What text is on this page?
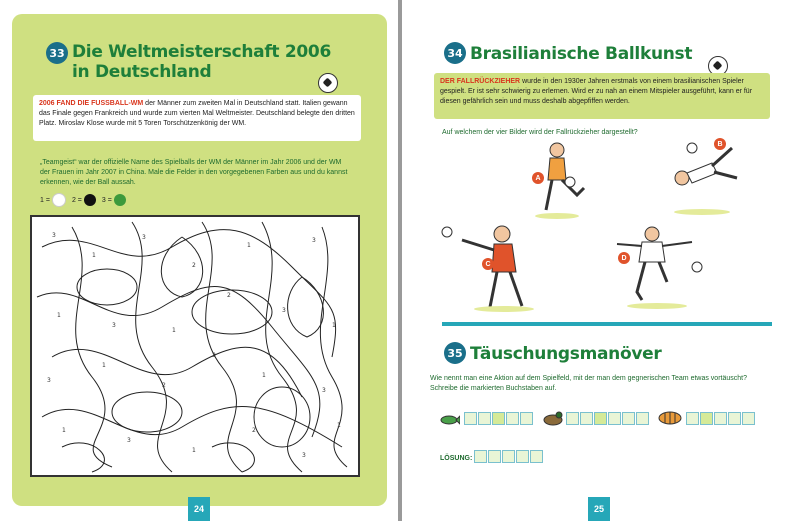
33 Die Weltmeisterschaft 2006
in Deutschland
2006 FAND DIE FUSSBALL-WM der Männer zum zweiten Mal in Deutschland statt. Italien gewann das Finale gegen Frankreich und wurde zum vierten Mal Weltmeister. Deutschland belegte den dritten Platz. Miroslav Klose wurde mit 5 Toren Torschützenkönig der WM.
„Teamgeist“ war der offizielle Name des Spielballs der WM der Männer im Jahr 2006 und der WM der Frauen im Jahr 2007 in China. Male die Felder in den vorgegebenen Farben aus und du kannst erkennen, wie der Ball aussah.
1 =	2 =	3 =
3
1
3
2
1
3
1
3
1
2
3
1
3
1
2
3
1
3
1
3
1
2
3
1
24
34 Brasilianische Ballkunst
DER FALLRÜCKZIEHER wurde in den 1930er Jahren erstmals von einem brasilianischen Spieler gespielt. Er ist sehr schwierig zu erlernen. Wird er zu nah an einem Mitspieler ausgeführt, kann er für diesen gefährlich sein und muss deshalb abgepfiffen werden.
Auf welchem der vier Bilder wird der Fallrückzieher dargestellt?
A
B
C
D
35 Täuschungsmanöver
Wie nennt man eine Aktion auf dem Spielfeld, mit der man dem gegnerischen Team etwas vortäuscht? Schreibe die markierten Buchstaben auf.
LÖSUNG:
25
